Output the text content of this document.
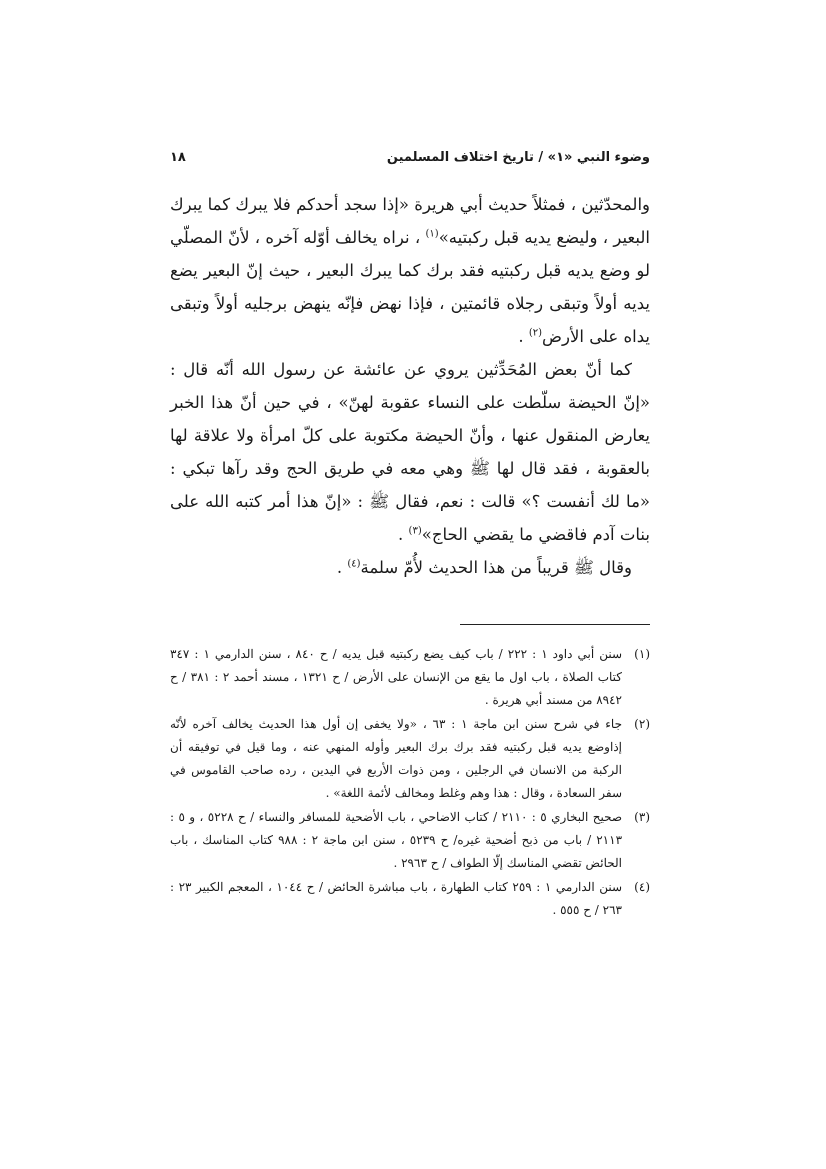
وضوء النبي «١» / تاريخ اختلاف المسلمين
١٨

والمحدّثين ، فمثلاً حديث أبي هريرة «إذا سجد أحدكم فلا يبرك كما يبرك البعير ، وليضع يديه قبل ركبتيه»$^{(١)}$ ، نراه يخالف أوّله آخره ، لأنّ المصلّي لو وضع يديه قبل ركبتيه فقد برك كما يبرك البعير ، حيث إنّ البعير يضع يديه أولاً وتبقى رجلاه قائمتين ، فإذا نهض فإنّه ينهض برجليه أولاً وتبقى يداه على الأرض$^{(٢)}$ .

كما أنّ بعض المُحَدِّثين يروي عن عائشة عن رسول الله أنّه قال : «إنّ الحيضة سلّطت على النساء عقوبة لهنّ» ، في حين أنّ هذا الخبر يعارض المنقول عنها ، وأنّ الحيضة مكتوبة على كلّ امرأة ولا علاقة لها بالعقوبة ، فقد قال لها ﷺ وهي معه في طريق الحج وقد رآها تبكي : «ما لك أنفست ؟» قالت : نعم، فقال ﷺ : «إنّ هذا أمر كتبه الله على بنات آدم فاقضي ما يقضي الحاج»$^{(٣)}$ .

وقال ﷺ قريباً من هذا الحديث لأُمّ سلمة$^{(٤)}$ .

(١)
سنن أبي داود ١ : ٢٢٢ / باب كيف يضع ركبتيه قبل يديه / ح ٨٤٠ ، سنن الدارمي ١ : ٣٤٧ كتاب الصلاة ، باب اول ما يقع من الإنسان على الأرض / ح ١٣٢١ ، مسند أحمد ٢ : ٣٨١ / ح ٨٩٤٢ من مسند أبي هريرة .
(٢)
جاء في شرح سنن ابن ماجة ١ : ٦٣ ، «ولا يخفى إن أول هذا الحديث يخالف آخره لأنّه إذاوضع يديه قبل ركبتيه فقد برك برك البعير وأوله المنهي عنه ، وما قيل في توفيقه أن الركبة من الانسان في الرجلين ، ومن ذوات الأربع في اليدين ، رده صاحب القاموس في سفر السعادة ، وقال : هذا وهم وغلط ومخالف لأئمة اللغة» .
(٣)
صحيح البخاري ٥ : ٢١١٠ / كتاب الاضاحي ، باب الأضحية للمسافر والنساء / ح ٥٢٢٨ ، و ٥ : ٢١١٣ / باب من ذبح أضحية غيره/ ح ٥٢٣٩ ، سنن ابن ماجة ٢ : ٩٨٨ كتاب المناسك ، باب الحائض تقضي المناسك إلّا الطواف / ح ٢٩٦٣ .
(٤)
سنن الدارمي ١ : ٢٥٩ كتاب الطهارة ، باب مباشرة الحائض / ح ١٠٤٤ ، المعجم الكبير ٢٣ : ٢٦٣ / ح ٥٥٥ .
